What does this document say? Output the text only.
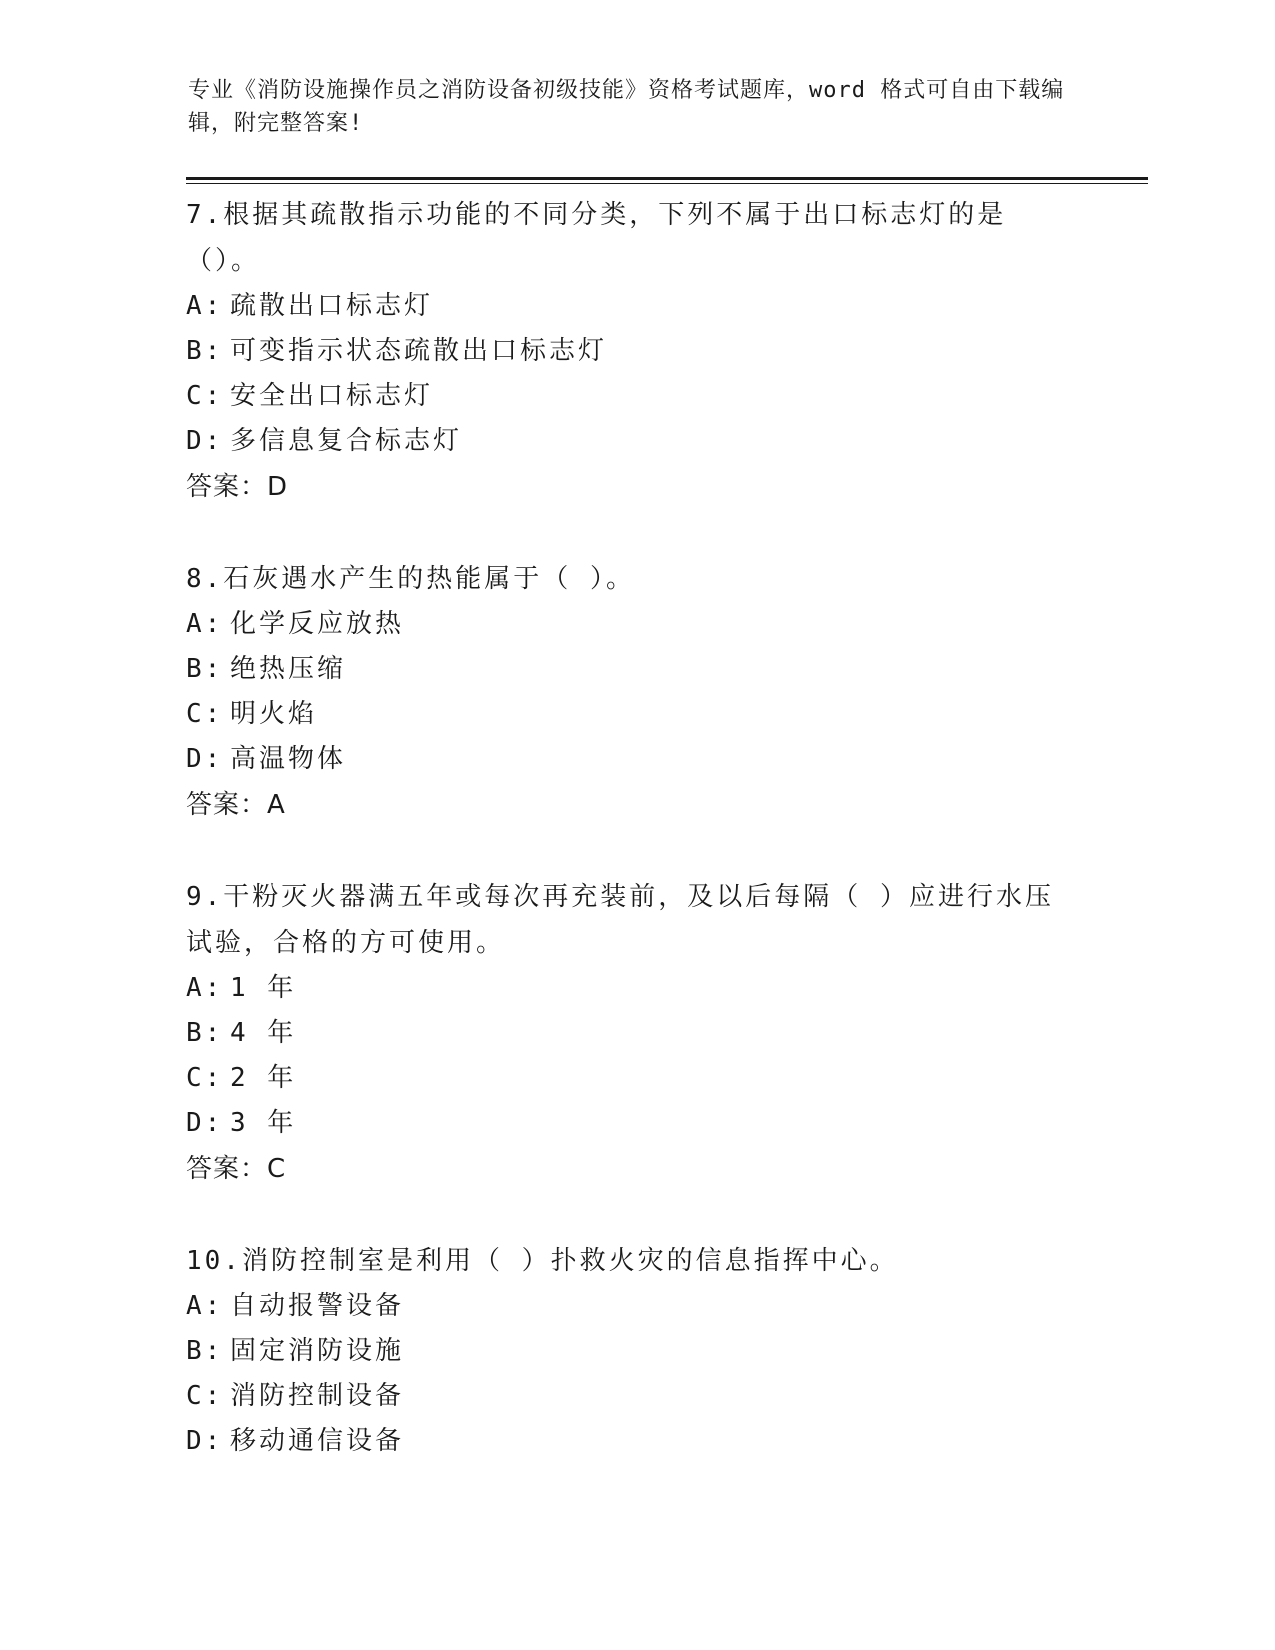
专业《消防设施操作员之消防设备初级技能》资格考试题库，word 格式可自由下载编辑，附完整答案!
7.根据其疏散指示功能的不同分类，下列不属于出口标志灯的是（）。
A: 疏散出口标志灯
B: 可变指示状态疏散出口标志灯
C: 安全出口标志灯
D: 多信息复合标志灯
答案：D
8.石灰遇水产生的热能属于（ ）。
A: 化学反应放热
B: 绝热压缩
C: 明火焰
D: 高温物体
答案：A
9.干粉灭火器满五年或每次再充装前，及以后每隔（ ）应进行水压试验，合格的方可使用。
A: 1 年
B: 4 年
C: 2 年
D: 3 年
答案：C
10.消防控制室是利用（ ）扑救火灾的信息指挥中心。
A: 自动报警设备
B: 固定消防设施
C: 消防控制设备
D: 移动通信设备
